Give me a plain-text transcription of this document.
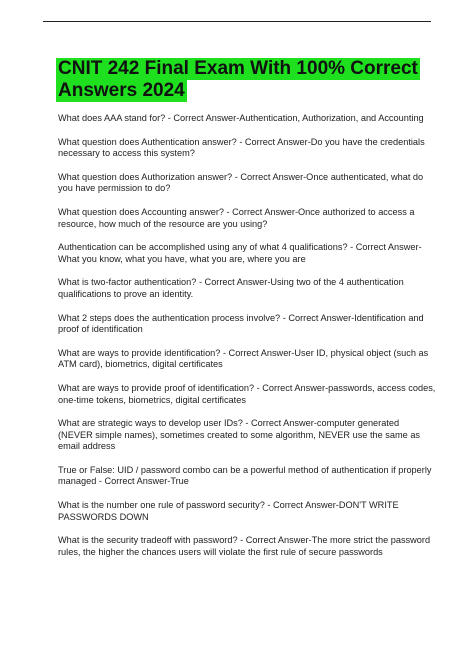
CNIT 242 Final Exam With 100% Correct
Answers 2024

What does AAA stand for? - Correct Answer-Authentication, Authorization, and Accounting

What question does Authentication answer? - Correct Answer-Do you have the credentials necessary to access this system?

What question does Authorization answer? - Correct Answer-Once authenticated, what do you have permission to do?

What question does Accounting answer? - Correct Answer-Once authorized to access a resource, how much of the resource are you using?

Authentication can be accomplished using any of what 4 qualifications? - Correct Answer-What you know, what you have, what you are, where you are

What is two-factor authentication? - Correct Answer-Using two of the 4 authentication qualifications to prove an identity.

What 2 steps does the authentication process involve? - Correct Answer-Identification and proof of identification

What are ways to provide identification? - Correct Answer-User ID, physical object (such as ATM card), biometrics, digital certificates

What are ways to provide proof of identification? - Correct Answer-passwords, access codes, one-time tokens, biometrics, digital certificates

What are strategic ways to develop user IDs? - Correct Answer-computer generated (NEVER simple names), sometimes created to some algorithm, NEVER use the same as email address

True or False: UID / password combo can be a powerful method of authentication if properly managed - Correct Answer-True

What is the number one rule of password security? - Correct Answer-DON'T WRITE PASSWORDS DOWN

What is the security tradeoff with password? - Correct Answer-The more strict the password rules, the higher the chances users will violate the first rule of secure passwords
